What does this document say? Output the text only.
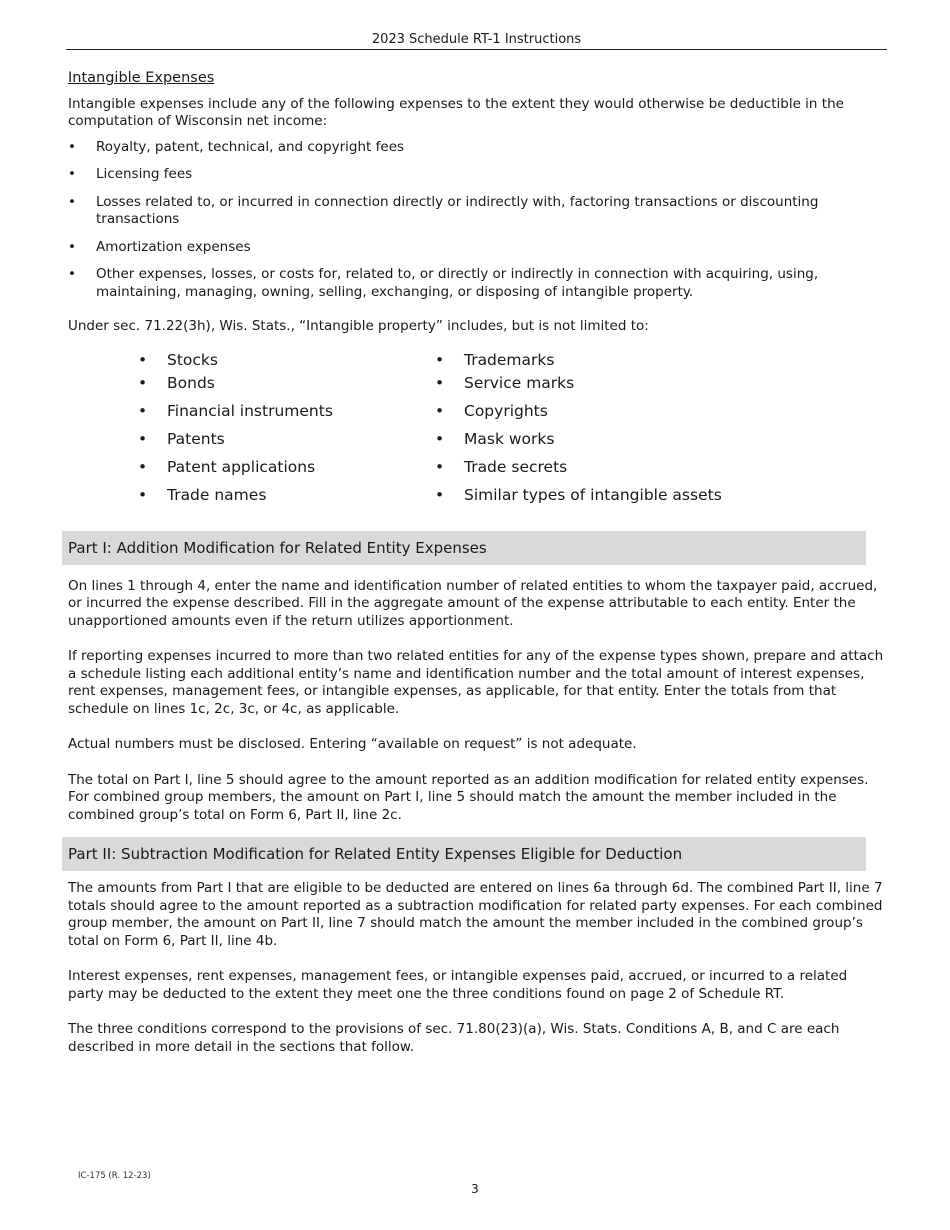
2023 Schedule RT-1 Instructions
Intangible Expenses

Intangible expenses include any of the following expenses to the extent they would otherwise be deductible in the computation of Wisconsin net income:

• Royalty, patent, technical, and copyright fees
• Licensing fees
• Losses related to, or incurred in connection directly or indirectly with, factoring transactions or discounting transactions
• Amortization expenses
• Other expenses, losses, or costs for, related to, or directly or indirectly in connection with acquiring, using, maintaining, managing, owning, selling, exchanging, or disposing of intangible property.

Under sec. 71.22(3h), Wis. Stats., “Intangible property” includes, but is not limited to:

• Stocks
• Bonds
• Financial instruments
• Patents
• Patent applications
• Trade names
• Trademarks
• Service marks
• Copyrights
• Mask works
• Trade secrets
• Similar types of intangible assets
Part I: Addition Modification for Related Entity Expenses

On lines 1 through 4, enter the name and identification number of related entities to whom the taxpayer paid, accrued, or incurred the expense described. Fill in the aggregate amount of the expense attributable to each entity. Enter the unapportioned amounts even if the return utilizes apportionment.

If reporting expenses incurred to more than two related entities for any of the expense types shown, prepare and attach a schedule listing each additional entity’s name and identification number and the total amount of interest expenses, rent expenses, management fees, or intangible expenses, as applicable, for that entity. Enter the totals from that schedule on lines 1c, 2c, 3c, or 4c, as applicable.

Actual numbers must be disclosed. Entering “available on request” is not adequate.

The total on Part I, line 5 should agree to the amount reported as an addition modification for related entity expenses. For combined group members, the amount on Part I, line 5 should match the amount the member included in the combined group’s total on Form 6, Part II, line 2c.

Part II: Subtraction Modification for Related Entity Expenses Eligible for Deduction

The amounts from Part I that are eligible to be deducted are entered on lines 6a through 6d. The combined Part II, line 7 totals should agree to the amount reported as a subtraction modification for related party expenses. For each combined group member, the amount on Part II, line 7 should match the amount the member included in the combined group’s total on Form 6, Part II, line 4b.

Interest expenses, rent expenses, management fees, or intangible expenses paid, accrued, or incurred to a related party may be deducted to the extent they meet one the three conditions found on page 2 of Schedule RT.

The three conditions correspond to the provisions of sec. 71.80(23)(a), Wis. Stats. Conditions A, B, and C are each described in more detail in the sections that follow.

IC-175 (R. 12-23)
3
